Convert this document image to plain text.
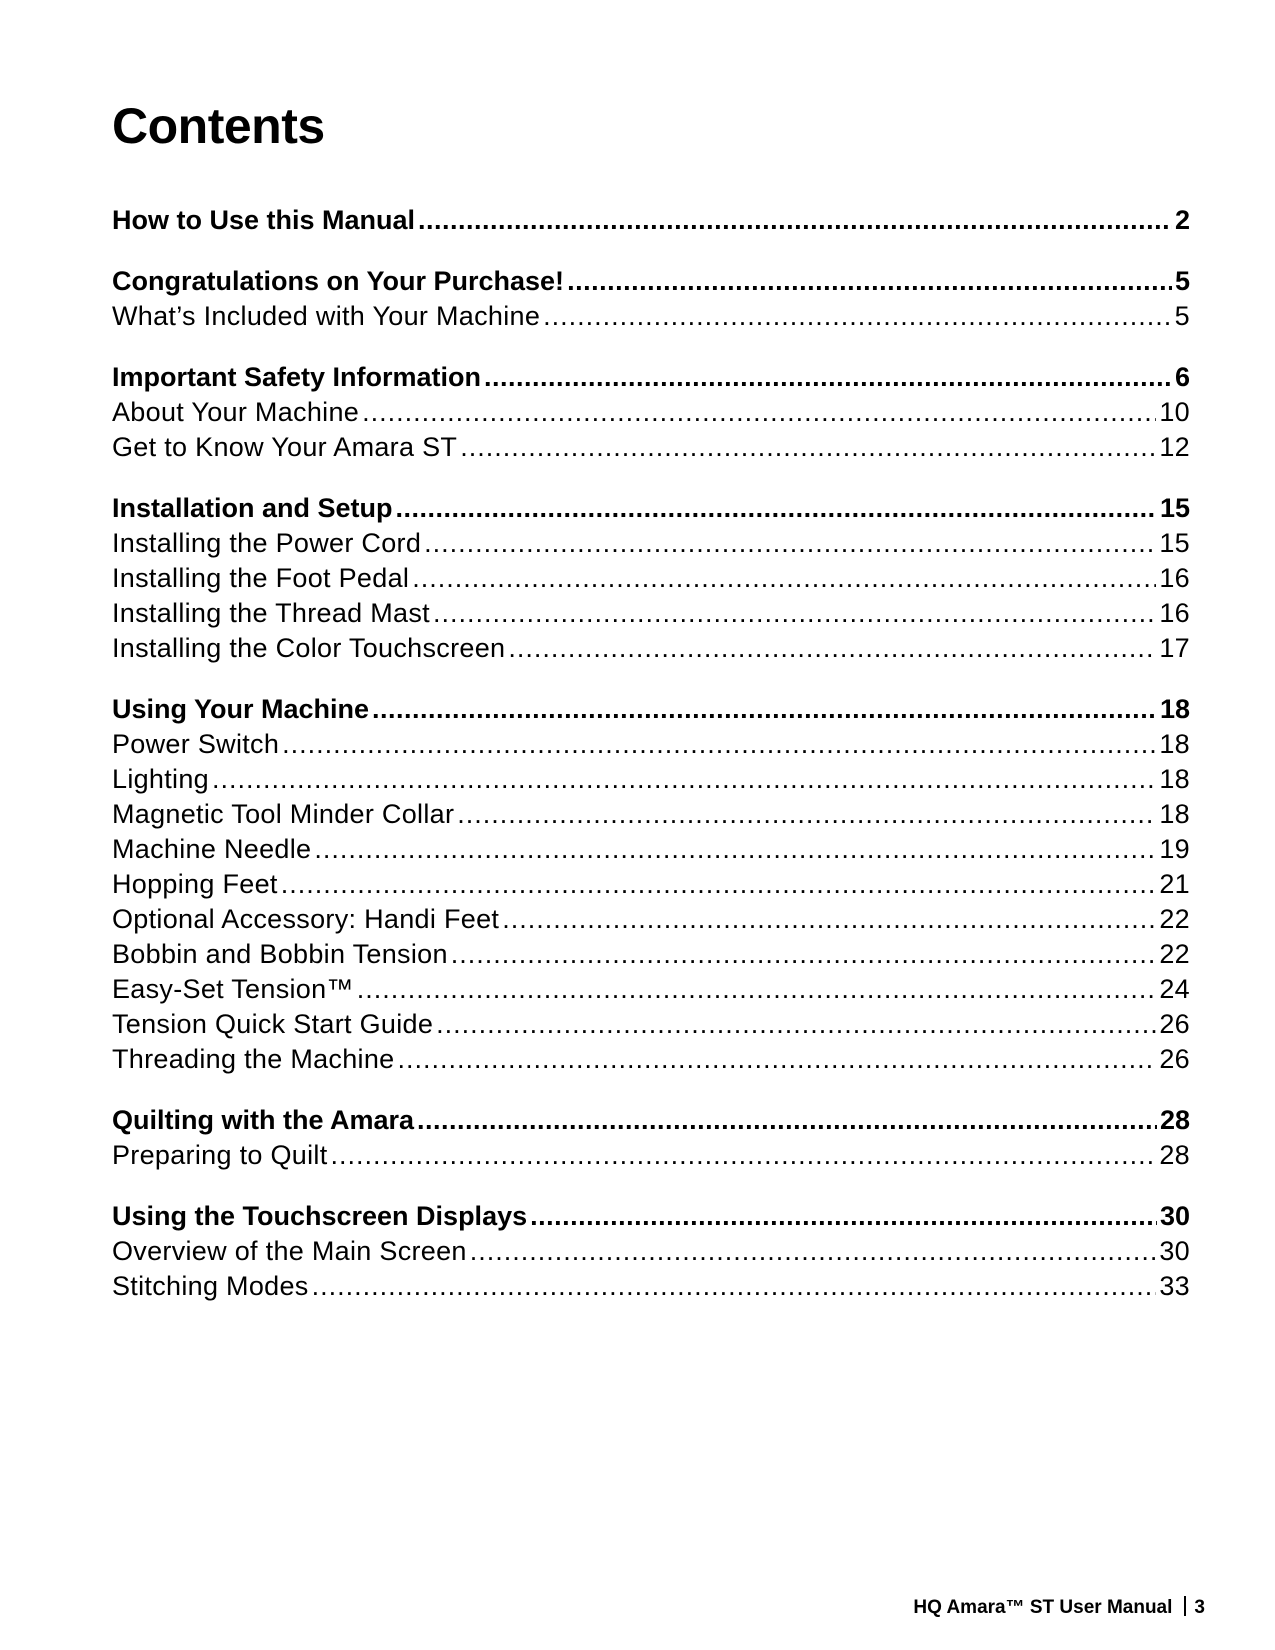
Contents
How to Use this Manual .....	2
Congratulations on Your Purchase! .....	5
What’s Included with Your Machine .....	5
Important Safety Information .....	6
About Your Machine .....	10
Get to Know Your Amara ST .....	12
Installation and Setup .....	15
Installing the Power Cord .....	15
Installing the Foot Pedal .....	16
Installing the Thread Mast .....	16
Installing the Color Touchscreen .....	17
Using Your Machine .....	18
Power Switch .....	18
Lighting .....	18
Magnetic Tool Minder Collar .....	18
Machine Needle .....	19
Hopping Feet .....	21
Optional Accessory: Handi Feet .....	22
Bobbin and Bobbin Tension .....	22
Easy-Set Tension™ .....	24
Tension Quick Start Guide .....	26
Threading the Machine .....	26
Quilting with the Amara .....	28
Preparing to Quilt .....	28
Using the Touchscreen Displays .....	30
Overview of the Main Screen .....	30
Stitching Modes .....	33
HQ Amara™ ST User Manual 3
